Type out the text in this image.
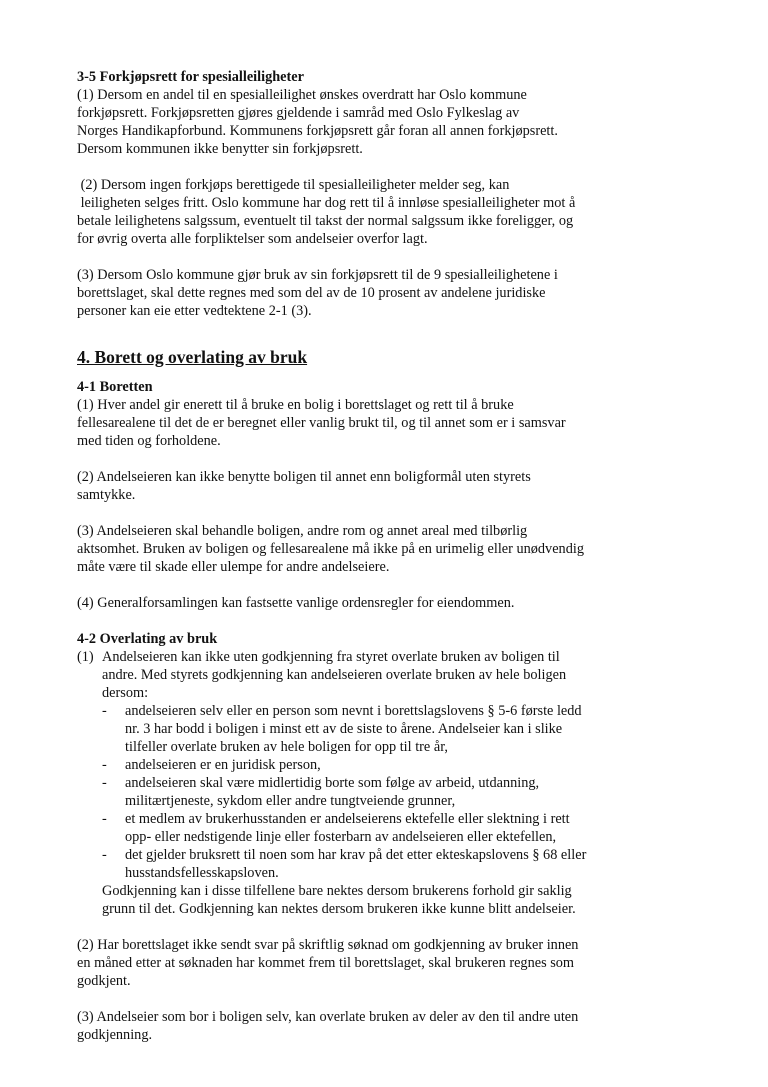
3-5 Forkjøpsrett for spesialleiligheter
(1) Dersom en andel til en spesialleilighet ønskes overdratt har Oslo kommune
forkjøpsrett. Forkjøpsretten gjøres gjeldende i samråd med Oslo Fylkeslag av
Norges Handikapforbund. Kommunens forkjøpsrett går foran all annen forkjøpsrett.
Dersom kommunen ikke benytter sin forkjøpsrett.
(2) Dersom ingen forkjøps berettigede til spesialleiligheter melder seg, kan
leiligheten selges fritt. Oslo kommune har dog rett til å innløse spesialleiligheter mot å
betale leilighetens salgssum, eventuelt til takst der normal salgssum ikke foreligger, og
for øvrig overta alle forpliktelser som andelseier overfor lagt.
(3) Dersom Oslo kommune gjør bruk av sin forkjøpsrett til de 9 spesialleilighetene i
borettslaget, skal dette regnes med som del av de 10 prosent av andelene juridiske
personer kan eie etter vedtektene 2-1 (3).
4. Borett og overlating av bruk
4-1 Boretten
(1) Hver andel gir enerett til å bruke en bolig i borettslaget og rett til å bruke
fellesarealene til det de er beregnet eller vanlig brukt til, og til annet som er i samsvar
med tiden og forholdene.
(2) Andelseieren kan ikke benytte boligen til annet enn boligformål uten styrets
samtykke.
(3) Andelseieren skal behandle boligen, andre rom og annet areal med tilbørlig
aktsomhet. Bruken av boligen og fellesarealene må ikke på en urimelig eller unødvendig
måte være til skade eller ulempe for andre andelseiere.
(4) Generalforsamlingen kan fastsette vanlige ordensregler for eiendommen.
4-2 Overlating av bruk
(1) Andelseieren kan ikke uten godkjenning fra styret overlate bruken av boligen til
andre. Med styrets godkjenning kan andelseieren overlate bruken av hele boligen
dersom:
- andelseieren selv eller en person som nevnt i borettslagslovens § 5-6 første ledd
nr. 3 har bodd i boligen i minst ett av de siste to årene. Andelseier kan i slike
tilfeller overlate bruken av hele boligen for opp til tre år,
- andelseieren er en juridisk person,
- andelseieren skal være midlertidig borte som følge av arbeid, utdanning,
militærtjeneste, sykdom eller andre tungtveiende grunner,
- et medlem av brukerhusstanden er andelseierens ektefelle eller slektning i rett
opp- eller nedstigende linje eller fosterbarn av andelseieren eller ektefellen,
- det gjelder bruksrett til noen som har krav på det etter ekteskapslovens § 68 eller
husstandsfellesskapsloven.
Godkjenning kan i disse tilfellene bare nektes dersom brukerens forhold gir saklig
grunn til det. Godkjenning kan nektes dersom brukeren ikke kunne blitt andelseier.
(2) Har borettslaget ikke sendt svar på skriftlig søknad om godkjenning av bruker innen
en måned etter at søknaden har kommet frem til borettslaget, skal brukeren regnes som
godkjent.
(3) Andelseier som bor i boligen selv, kan overlate bruken av deler av den til andre uten
godkjenning.
